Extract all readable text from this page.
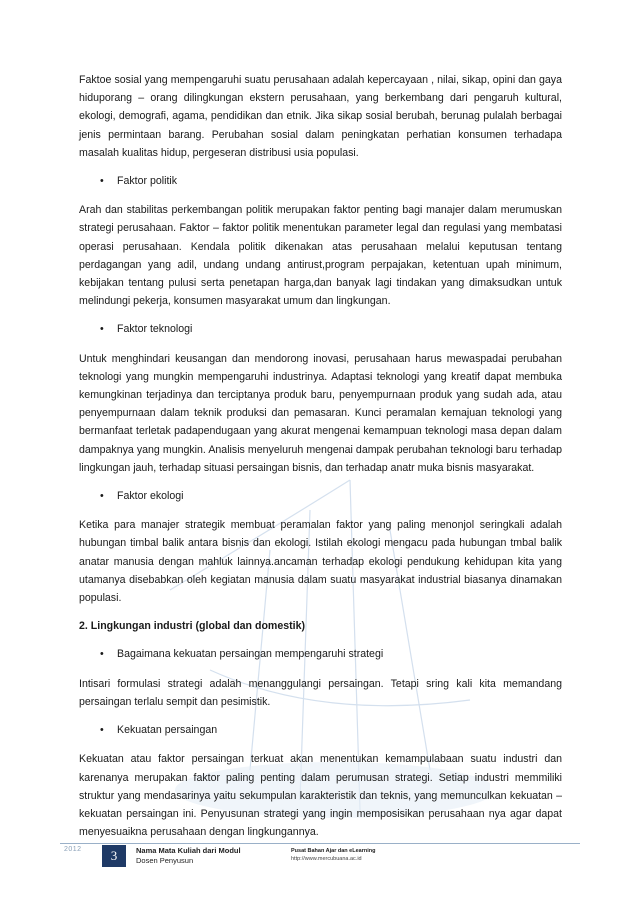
Faktoe sosial yang mempengaruhi suatu perusahaan adalah kepercayaan , nilai, sikap, opini dan gaya hiduporang – orang dilingkungan ekstern perusahaan, yang berkembang dari pengaruh kultural, ekologi, demografi, agama, pendidikan dan etnik. Jika sikap sosial berubah, berunag pulalah berbagai jenis permintaan barang. Perubahan sosial dalam peningkatan perhatian konsumen terhadapa masalah kualitas hidup, pergeseran distribusi usia populasi.

• Faktor politik

Arah dan stabilitas perkembangan politik merupakan faktor penting bagi manajer dalam merumuskan strategi perusahaan. Faktor – faktor politik menentukan parameter legal dan regulasi yang membatasi operasi perusahaan. Kendala politik dikenakan atas perusahaan melalui keputusan tentang perdagangan yang adil, undang undang antirust,program perpajakan, ketentuan upah minimum, kebijakan tentang pulusi serta penetapan harga,dan banyak lagi tindakan yang dimaksudkan untuk melindungi pekerja, konsumen masyarakat umum dan lingkungan.

• Faktor teknologi

Untuk menghindari keusangan dan mendorong inovasi, perusahaan harus mewaspadai perubahan teknologi yang mungkin mempengaruhi industrinya. Adaptasi teknologi yang kreatif dapat membuka kemungkinan terjadinya dan terciptanya produk baru, penyempurnaan produk yang sudah ada, atau penyempurnaan dalam teknik produksi dan pemasaran. Kunci peramalan kemajuan teknologi yang bermanfaat terletak padapendugaan yang akurat mengenai kemampuan teknologi masa depan dalam dampaknya yang mungkin. Analisis menyeluruh mengenai dampak perubahan teknologi baru terhadap lingkungan jauh, terhadap situasi persaingan bisnis, dan terhadap anatr muka bisnis masyarakat.

• Faktor ekologi

Ketika para manajer strategik membuat peramalan faktor yang paling menonjol seringkali adalah hubungan timbal balik antara bisnis dan ekologi. Istilah ekologi mengacu pada hubungan tmbal balik anatar manusia dengan mahluk lainnya.ancaman terhadap ekologi pendukung kehidupan kita yang utamanya disebabkan oleh kegiatan manusia dalam suatu masyarakat industrial biasanya dinamakan populasi.

2. Lingkungan industri (global dan domestik)

• Bagaimana kekuatan persaingan mempengaruhi strategi

Intisari formulasi strategi adalah menanggulangi persaingan. Tetapi sring kali kita memandang persaingan terlalu sempit dan pesimistik.

• Kekuatan persaingan

Kekuatan atau faktor persaingan terkuat akan menentukan kemampulabaan suatu industri dan karenanya merupakan faktor paling penting dalam perumusan strategi. Setiap industri memmiliki struktur yang mendasarinya yaitu sekumpulan karakteristik dan teknis, yang memunculkan kekuatan – kekuatan persaingan ini. Penyusunan strategi yang ingin memposisikan perusahaan nya agar dapat menyesuaikna perusahaan dengan lingkungannya.

2012	3	Nama Mata Kuliah dari Modul
Dosen Penyusun
Pusat Bahan Ajar dan eLearning
http://www.mercubuana.ac.id
